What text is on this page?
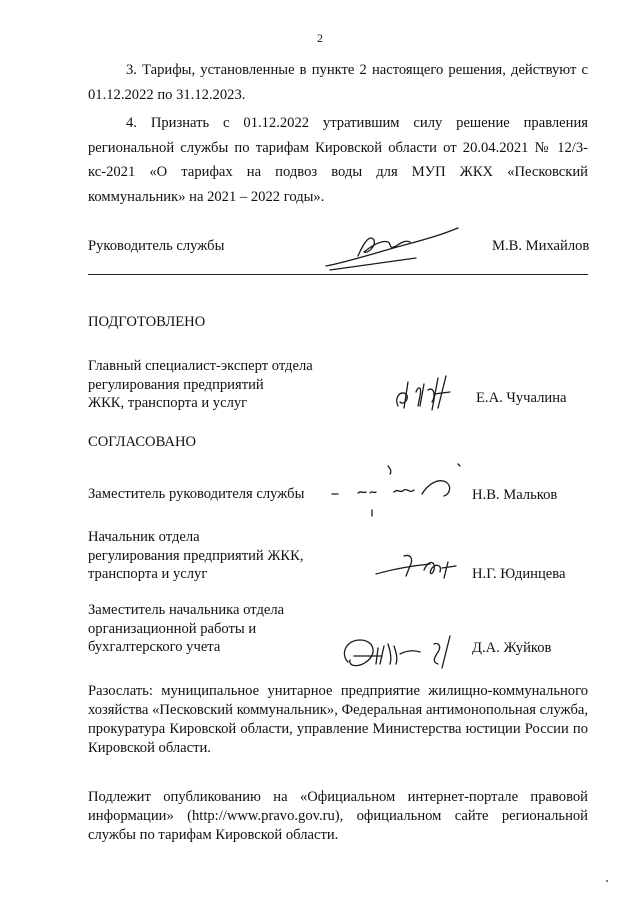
2
3. Тарифы, установленные в пункте 2 настоящего решения, действуют с 01.12.2022 по 31.12.2023.
4. Признать с 01.12.2022 утратившим силу решение правления региональной службы по тарифам Кировской области от 20.04.2021 № 12/3-кс-2021 «О тарифах на подвоз воды для МУП ЖКХ «Песковский коммунальник» на 2021 – 2022 годы».
Руководитель службы	М.В. Михайлов
ПОДГОТОВЛЕНО
Главный специалист-эксперт отдела
регулирования предприятий
ЖКК, транспорта и услуг	Е.А. Чучалина
СОГЛАСОВАНО
Заместитель руководителя службы	Н.В. Мальков
Начальник отдела
регулирования предприятий ЖКК,
транспорта и услуг	Н.Г. Юдинцева
Заместитель начальника отдела
организационной работы и
бухгалтерского учета	Д.А. Жуйков
Разослать: муниципальное унитарное предприятие жилищно-коммунального хозяйства «Песковский коммунальник», Федеральная антимонопольная служба, прокуратура Кировской области, управление Министерства юстиции России по Кировской области.
Подлежит опубликованию на «Официальном интернет-портале правовой информации» (http://www.pravo.gov.ru), официальном сайте региональной службы по тарифам Кировской области.
